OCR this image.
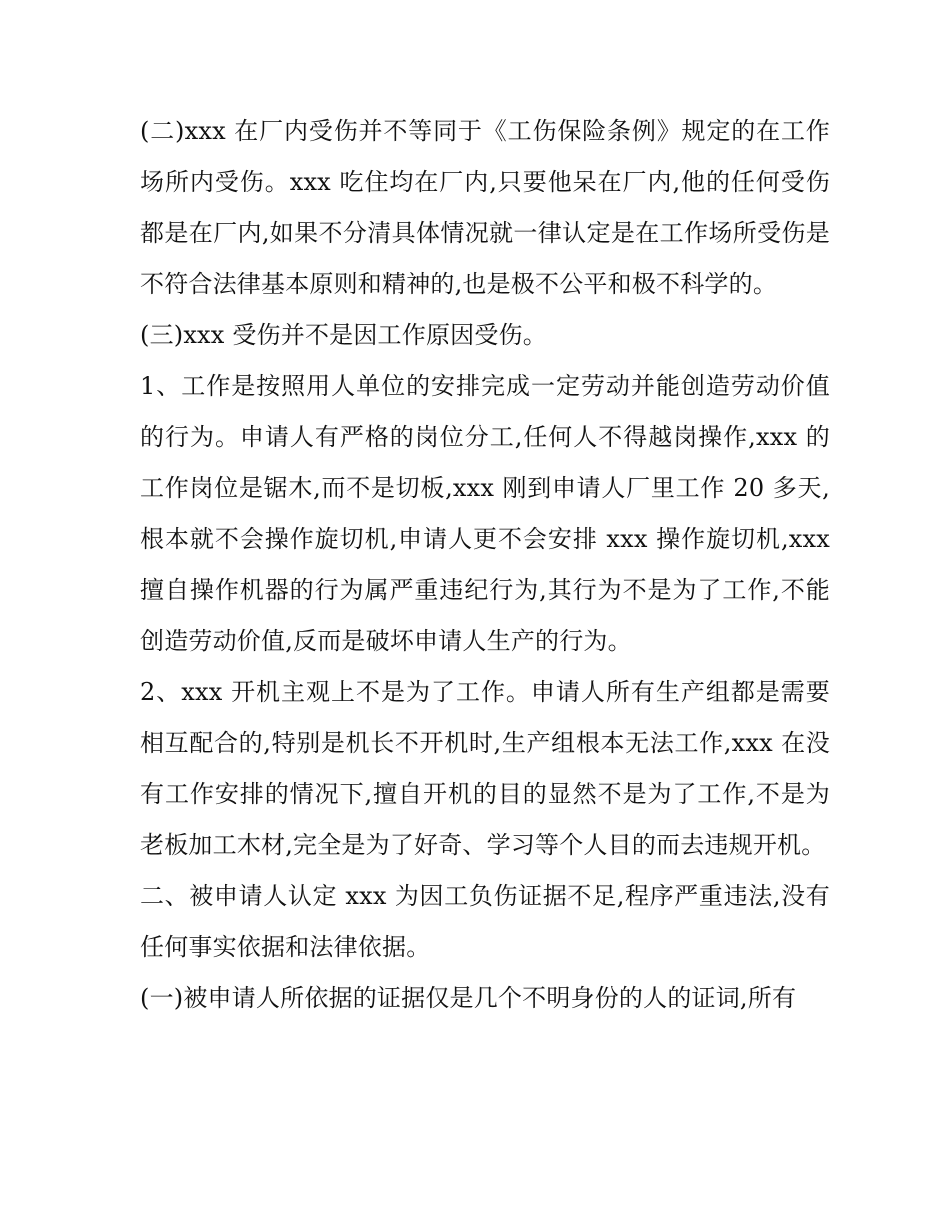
(二)xxx 在厂内受伤并不等同于《工伤保险条例》规定的在工作场所内受伤。xxx 吃住均在厂内,只要他呆在厂内,他的任何受伤都是在厂内,如果不分清具体情况就一律认定是在工作场所受伤是不符合法律基本原则和精神的,也是极不公平和极不科学的。

(三)xxx 受伤并不是因工作原因受伤。

1、工作是按照用人单位的安排完成一定劳动并能创造劳动价值的行为。申请人有严格的岗位分工,任何人不得越岗操作,xxx 的工作岗位是锯木,而不是切板,xxx 刚到申请人厂里工作 20 多天,根本就不会操作旋切机,申请人更不会安排 xxx 操作旋切机,xxx 擅自操作机器的行为属严重违纪行为,其行为不是为了工作,不能创造劳动价值,反而是破坏申请人生产的行为。

2、xxx 开机主观上不是为了工作。申请人所有生产组都是需要相互配合的,特别是机长不开机时,生产组根本无法工作,xxx 在没有工作安排的情况下,擅自开机的目的显然不是为了工作,不是为老板加工木材,完全是为了好奇、学习等个人目的而去违规开机。

二、被申请人认定 xxx 为因工负伤证据不足,程序严重违法,没有任何事实依据和法律依据。

(一)被申请人所依据的证据仅是几个不明身份的人的证词,所有
